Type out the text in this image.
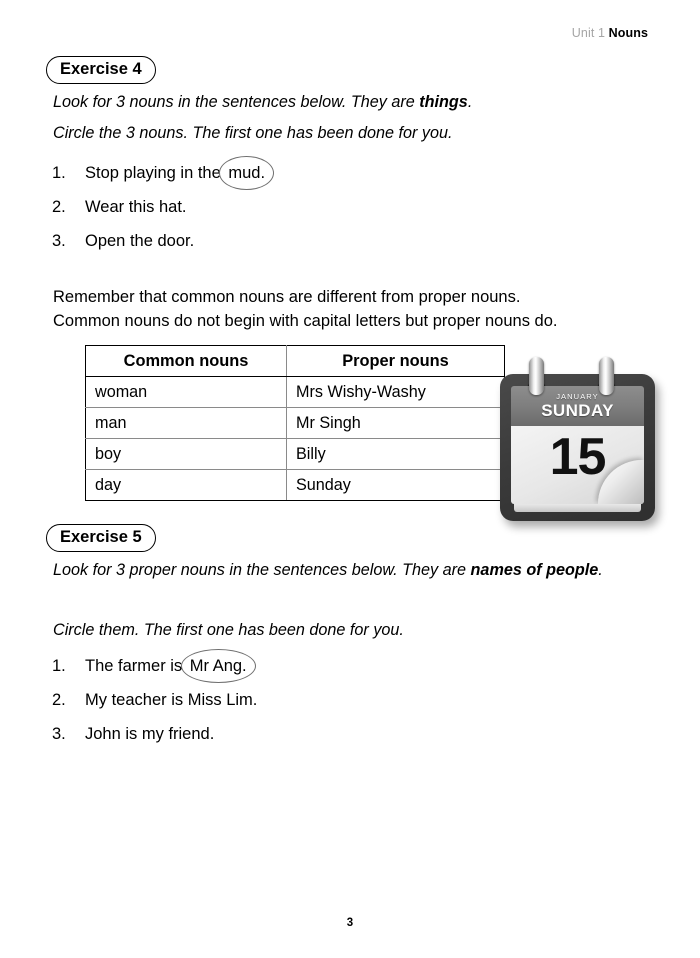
Unit 1 Nouns
Exercise 4
Look for 3 nouns in the sentences below. They are things.
Circle the 3 nouns. The first one has been done for you.
1.	Stop playing in the
mud.
2.	Wear this hat.
3.	Open the door.
Remember that common nouns are different from proper nouns.
Common nouns do not begin with capital letters but proper nouns do.
Common nouns	Proper nouns
woman	Mrs Wishy-Washy
man	Mr Singh
boy	Billy
day	Sunday
JANUARY
SUNDAY
15
Exercise 5
Look for 3 proper nouns in the sentences below. They are names of people.
Circle them. The first one has been done for you.
1.	The farmer is
Mr Ang.
2.	My teacher is Miss Lim.
3.	John is my friend.
3
